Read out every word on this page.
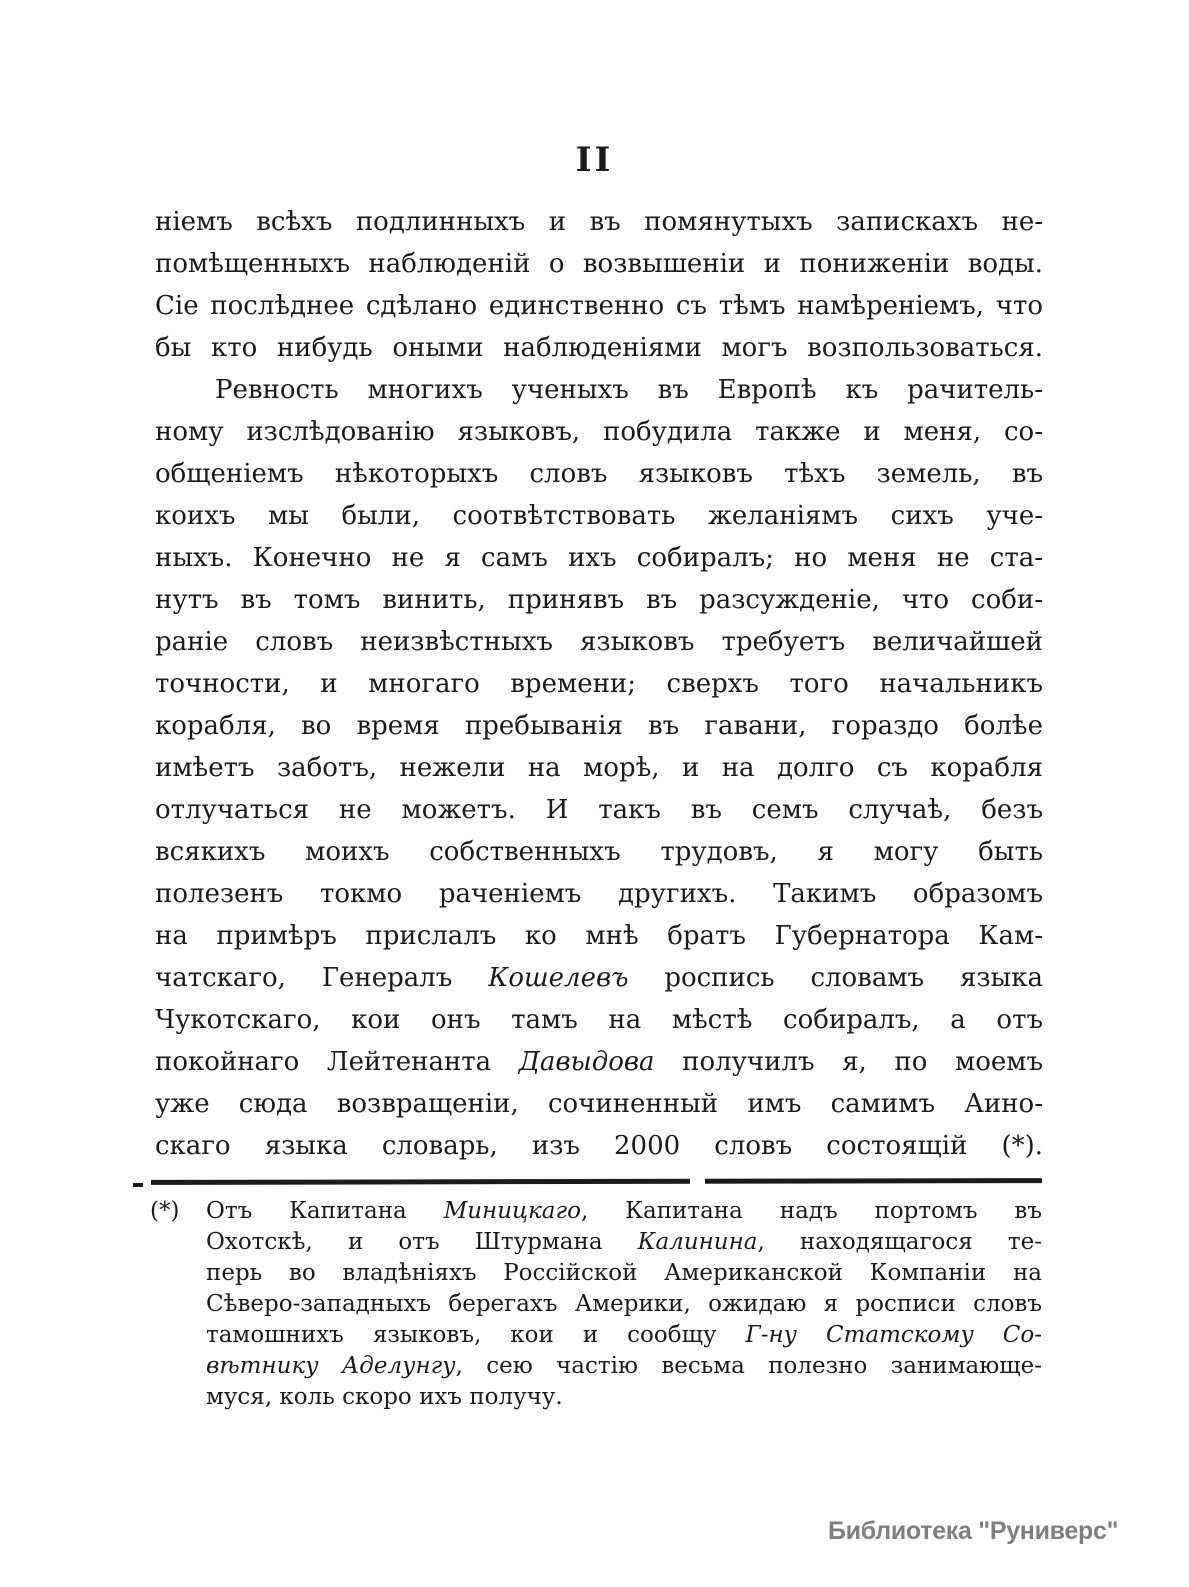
II
ніемъ всѣхъ подлинныхъ и въ помянутыхъ запискахъ не-
помѣщенныхъ наблюденій о возвышеніи и пониженіи воды.
Сіе послѣднее сдѣлано единственно съ тѣмъ намѣреніемъ, что
бы кто нибудь оными наблюденіями могъ возпользоваться.
Ревность многихъ ученыхъ въ Европѣ къ рачитель-
ному изслѣдованію языковъ, побудила также и меня, со-
общеніемъ нѣкоторыхъ словъ языковъ тѣхъ земель, въ
коихъ мы были, соотвѣтствовать желаніямъ сихъ уче-
ныхъ. Конечно не я самъ ихъ собиралъ; но меня не ста-
нутъ въ томъ винить, принявъ въ разсужденіе, что соби-
раніе словъ неизвѣстныхъ языковъ требуетъ величайшей
точности, и многаго времени; сверхъ того начальникъ
корабля, во время пребыванія въ гавани, гораздо болѣе
имѣетъ заботъ, нежели на морѣ, и на долго съ корабля
отлучаться не можетъ. И такъ въ семъ случаѣ, безъ
всякихъ моихъ собственныхъ трудовъ, я могу быть
полезенъ токмо раченіемъ другихъ. Такимъ образомъ
на примѣръ прислалъ ко мнѣ братъ Губернатора Кам-
чатскаго, Генералъ Кошелевъ роспись словамъ языка
Чукотскаго, кои онъ тамъ на мѣстѣ собиралъ, а отъ
покойнаго Лейтенанта Давыдова получилъ я, по моемъ
уже сюда возвращеніи, сочиненный имъ самимъ Аино-
скаго языка словарь, изъ 2000 словъ состоящій (*).
(*) Отъ Капитана Миницкаго, Капитана надъ портомъ въ
Охотскѣ, и отъ Штурмана Калинина, находящагося те-
перь во владѣніяхъ Россійской Американской Компаніи на
Сѣверо-западныхъ берегахъ Америки, ожидаю я росписи словъ
тамошнихъ языковъ, кои и сообщу Г-ну Статскому Со-
вѣтнику Аделунгу, сею частію весьма полезно занимающе-
муся, коль скоро ихъ получу.
Библиотека "Руниверс"
